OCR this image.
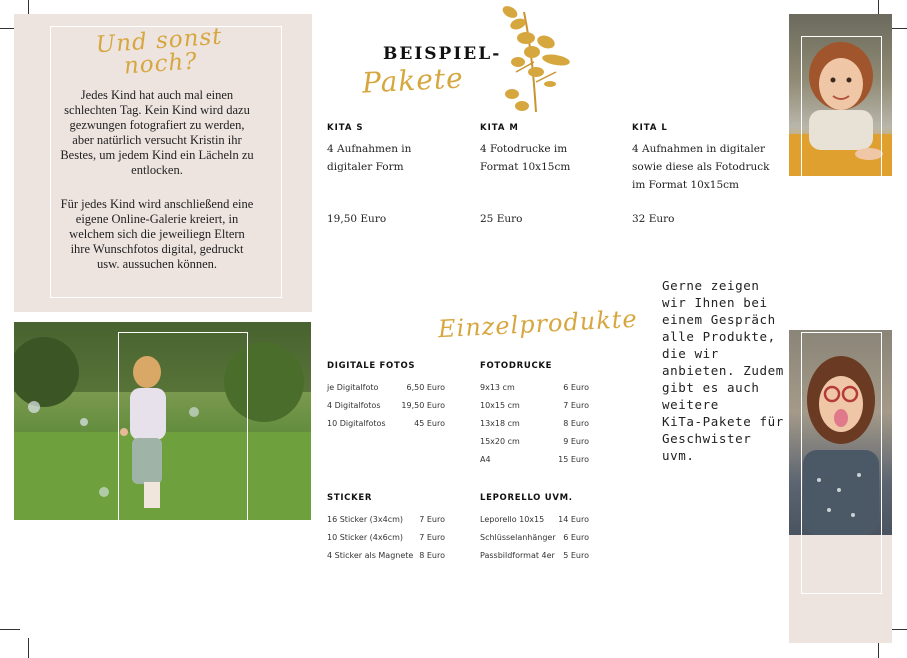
Und sonst noch?
Jedes Kind hat auch mal einen schlechten Tag. Kein Kind wird dazu gezwungen fotografiert zu werden, aber natürlich versucht Kristin ihr Bestes, um jedem Kind ein Lächeln zu entlocken.
Für jedes Kind wird anschließend eine eigene Online-Galerie kreiert, in welchem sich die jeweiliegn Eltern ihre Wunschfotos digital, gedruckt usw. aussuchen können.
BEISPIEL-
Pakete
KITA S
4 Aufnahmen in
digitaler Form
19,50 Euro
KITA M
4 Fotodrucke im
Format 10x15cm
25 Euro
KITA L
4 Aufnahmen in digitaler
sowie diese als Fotodruck
im Format 10x15cm
32 Euro
Einzelprodukte
DIGITALE FOTOS
je Digitalfoto	6,50 Euro
4 Digitalfotos	19,50 Euro
10 Digitalfotos	45 Euro
FOTODRUCKE
9x13 cm	6 Euro
10x15 cm	7 Euro
13x18 cm	8 Euro
15x20 cm	9 Euro
A4	15 Euro
STICKER
16 Sticker (3x4cm) 7 Euro
10 Sticker (4x6cm) 7 Euro
4 Sticker als Magnete 8 Euro
LEPORELLO UVM.
Leporello 10x15 14 Euro
Schlüsselanhänger 6 Euro
Passbildformat 4er 5 Euro
Gerne zeigen
wir Ihnen bei
einem Gespräch
alle Produkte,
die wir
anbieten. Zudem
gibt es auch
weitere
KiTa-Pakete für
Geschwister
uvm.
